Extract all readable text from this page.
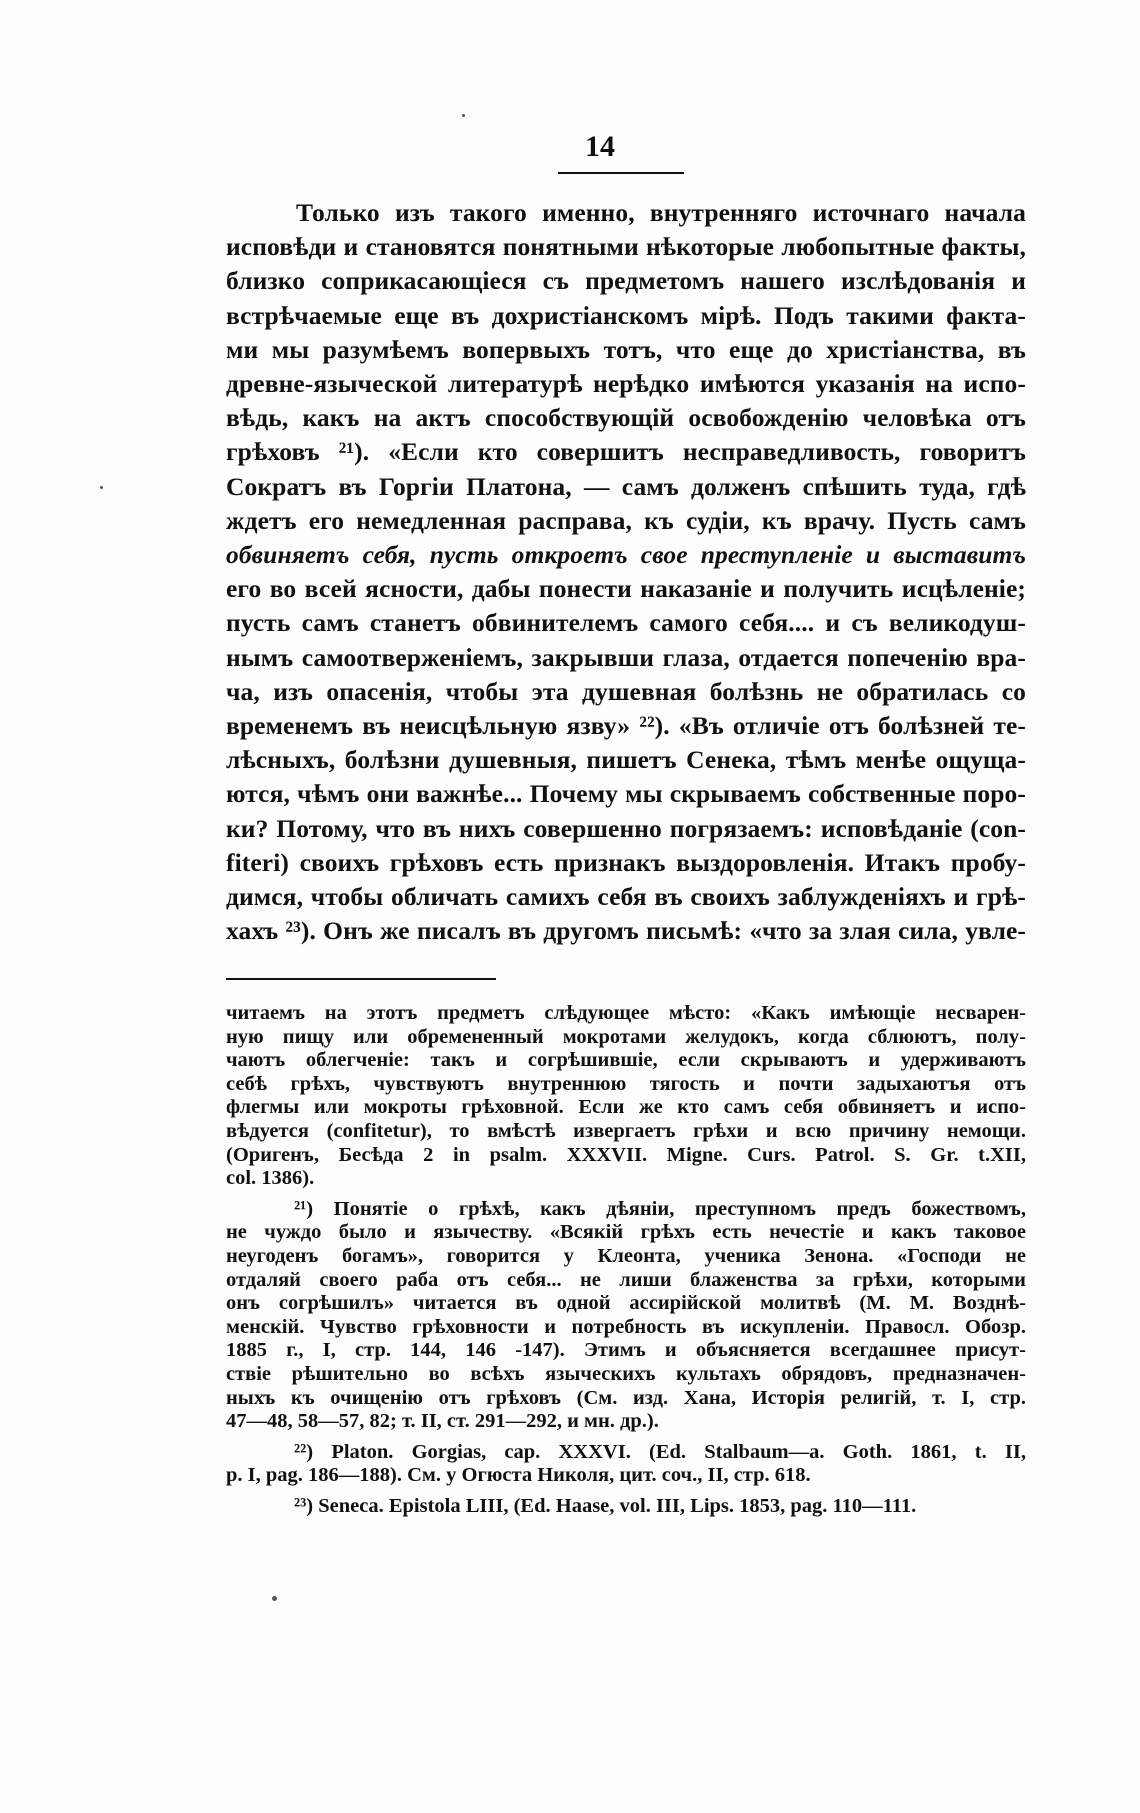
14
Только изъ такого именно, внутренняго источнаго начала
исповѣди и становятся понятными нѣкоторые любопытные факты,
близко соприкасающіеся съ предметомъ нашего изслѣдованія и
встрѣчаемые еще въ дохристіанскомъ мірѣ. Подъ такими факта-
ми мы разумѣемъ вопервыхъ тотъ, что еще до христіанства, въ
древне-языческой литературѣ нерѣдко имѣются указанія на испо-
вѣдь, какъ на актъ способствующій освобожденію человѣка отъ
грѣховъ ²¹). «Если кто совершитъ несправедливость, говоритъ
Сократъ въ Горгіи Платона, — самъ долженъ спѣшить туда, гдѣ
ждетъ его немедленная расправа, къ судіи, къ врачу. Пусть самъ
обвиняетъ себя, пусть откроетъ свое преступленіе и выставитъ
его во всей ясности, дабы понести наказаніе и получить исцѣленіе;
пусть самъ станетъ обвинителемъ самого себя.... и съ великодуш-
нымъ самоотверженіемъ, закрывши глаза, отдается попеченію вра-
ча, изъ опасенія, чтобы эта душевная болѣзнь не обратилась со
временемъ въ неисцѣльную язву» ²²). «Въ отличіе отъ болѣзней те-
лѣсныхъ, болѣзни душевныя, пишетъ Сенека, тѣмъ менѣе ощуща-
ются, чѣмъ они важнѣе... Почему мы скрываемъ собственные поро-
ки? Потому, что въ нихъ совершенно погрязаемъ: исповѣданіе (con-
fiteri) своихъ грѣховъ есть признакъ выздоровленія. Итакъ пробу-
димся, чтобы обличать самихъ себя въ своихъ заблужденіяхъ и грѣ-
хахъ ²³). Онъ же писалъ въ другомъ письмѣ: «что за злая сила, увле-
читаемъ на этотъ предметъ слѣдующее мѣсто: «Какъ имѣющіе несварен-
ную пищу или обремененный мокротами желудокъ, когда сблюютъ, полу-
чаютъ облегченіе: такъ и согрѣшившіе, если скрываютъ и удерживаютъ
себѣ грѣхъ, чувствуютъ внутреннюю тягость и почти задыхаютъя отъ
флегмы или мокроты грѣховной. Если же кто самъ себя обвиняетъ и испо-
вѣдуется (confitetur), то вмѣстѣ извергаетъ грѣхи и всю причину немощи.
(Оригенъ, Бесѣда 2 in psalm. XXXVII. Migne. Curs. Patrol. S. Gr. t.XII,
col. 1386).
²¹) Понятіе о грѣхѣ, какъ дѣяніи, преступномъ предъ божествомъ,
не чуждо было и язычеству. «Всякій грѣхъ есть нечестіе и какъ таковое
неугоденъ богамъ», говорится у Клеонта, ученика Зенона. «Господи не
отдаляй своего раба отъ себя... не лиши блаженства за грѣхи, которыми
онъ согрѣшилъ» читается въ одной ассирійской молитвѣ (М. М. Возднѣ-
менскій. Чувство грѣховности и потребность въ искупленіи. Правосл. Обозр.
1885 г., I, стр. 144, 146 -147). Этимъ и объясняется всегдашнее присут-
ствіе рѣшительно во всѣхъ языческихъ культахъ обрядовъ, предназначен-
ныхъ къ очищенію отъ грѣховъ (См. изд. Хана, Исторія религій, т. I, стр.
47—48, 58—57, 82; т. II, ст. 291—292, и мн. др.).
²²) Platon. Gorgias, cap. XXXVI. (Ed. Stalbaum—a. Goth. 1861, t. II,
p. I, pag. 186—188). См. у Огюста Николя, цит. соч., II, стр. 618.
²³) Seneca. Epistola LIII, (Ed. Haase, vol. III, Lips. 1853, pag. 110—111.
